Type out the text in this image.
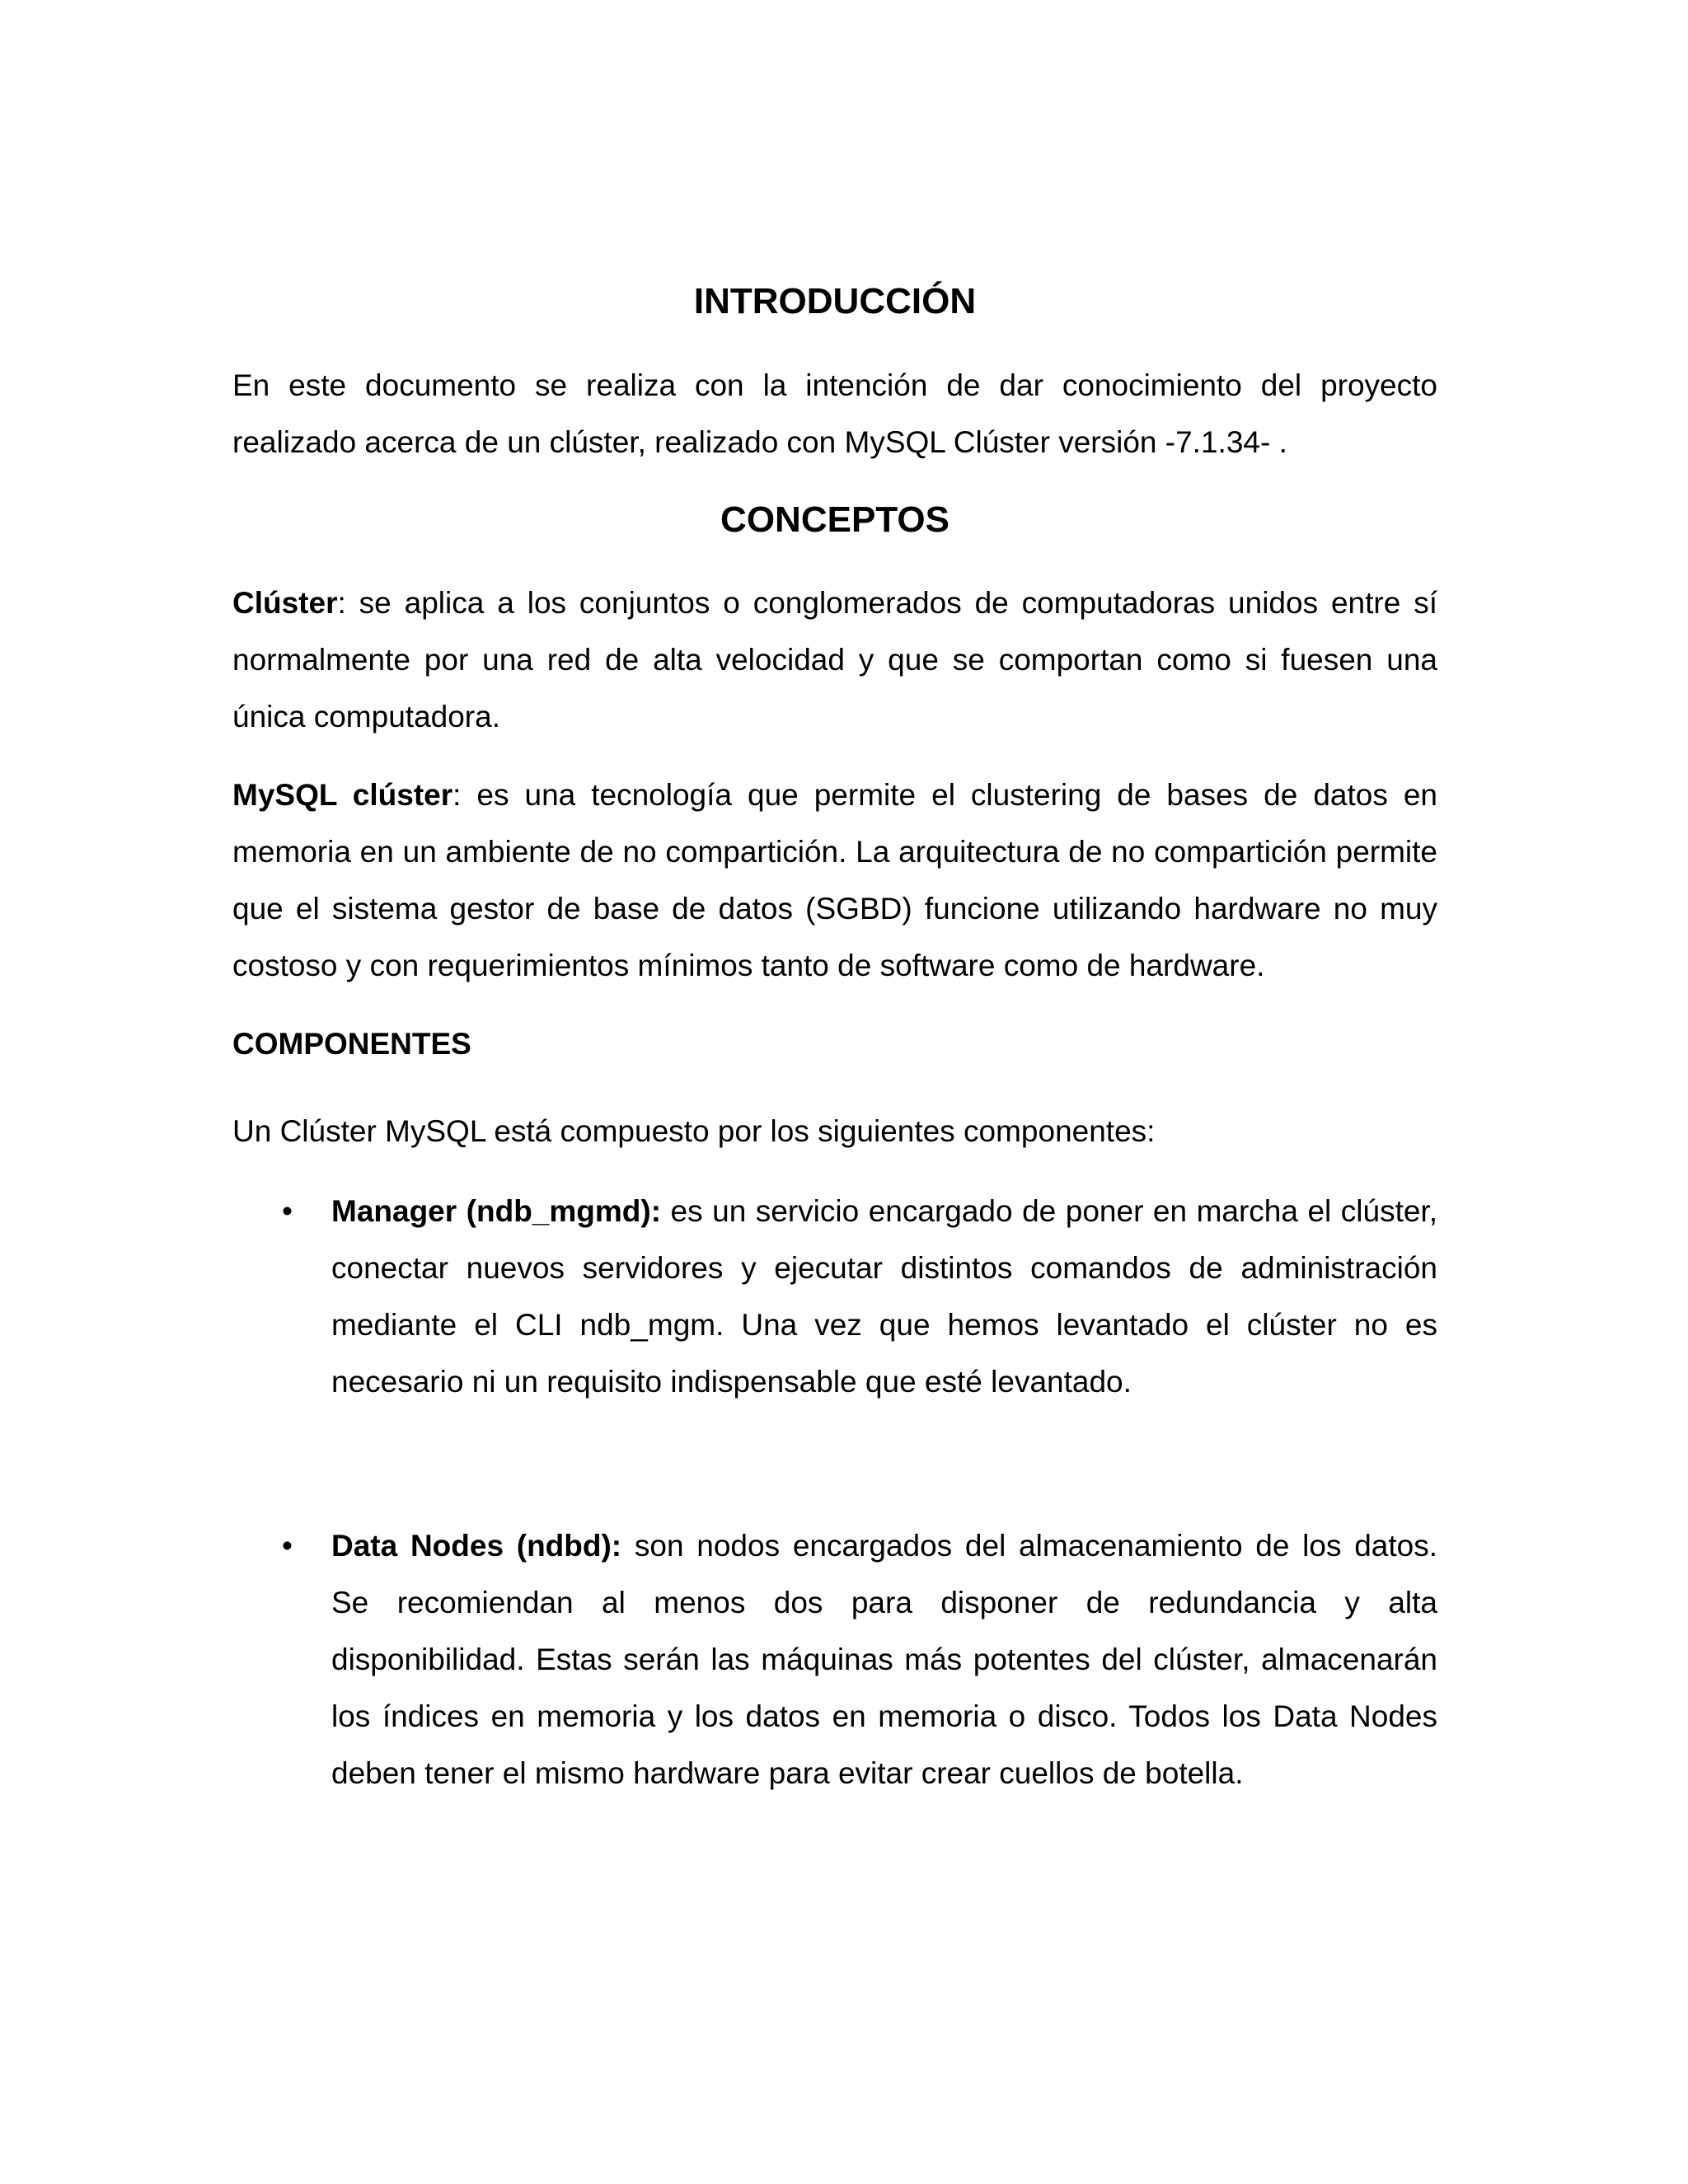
INTRODUCCIÓN

En este documento se realiza con la intención de dar conocimiento del proyecto realizado acerca de un clúster, realizado con MySQL Clúster versión -7.1.34- .

CONCEPTOS

Clúster: se aplica a los conjuntos o conglomerados de computadoras unidos entre sí normalmente por una red de alta velocidad y que se comportan como si fuesen una única computadora.

MySQL clúster: es una tecnología que permite el clustering de bases de datos en memoria en un ambiente de no compartición. La arquitectura de no compartición permite que el sistema gestor de base de datos (SGBD) funcione utilizando hardware no muy costoso y con requerimientos mínimos tanto de software como de hardware.

COMPONENTES

Un Clúster MySQL está compuesto por los siguientes componentes:

• Manager (ndb_mgmd): es un servicio encargado de poner en marcha el clúster, conectar nuevos servidores y ejecutar distintos comandos de administración mediante el CLI ndb_mgm. Una vez que hemos levantado el clúster no es necesario ni un requisito indispensable que esté levantado.

• Data Nodes (ndbd): son nodos encargados del almacenamiento de los datos. Se recomiendan al menos dos para disponer de redundancia y alta disponibilidad. Estas serán las máquinas más potentes del clúster, almacenarán los índices en memoria y los datos en memoria o disco. Todos los Data Nodes deben tener el mismo hardware para evitar crear cuellos de botella.
